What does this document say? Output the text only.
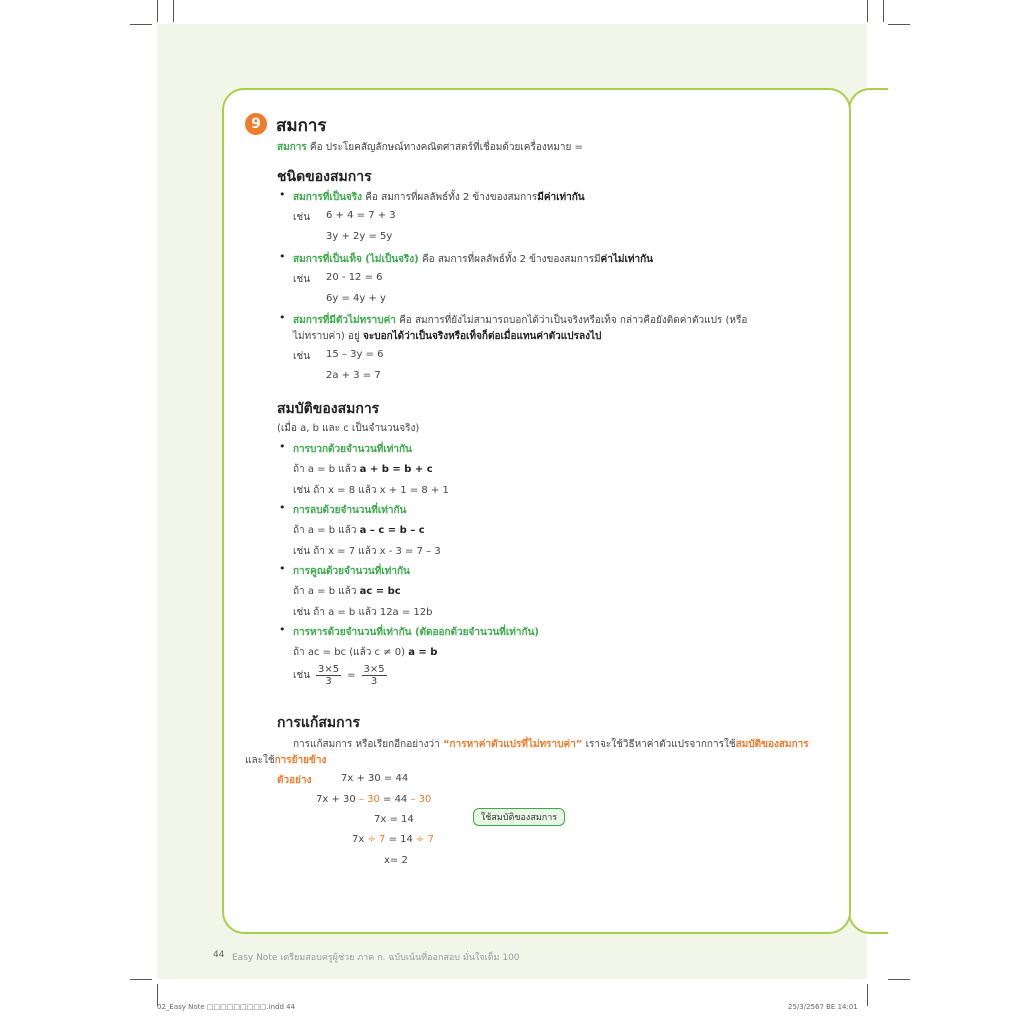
9 สมการ
สมการ คือ ประโยคสัญลักษณ์ทางคณิตศาสตร์ที่เชื่อมด้วยเครื่องหมาย =
ชนิดของสมการ
• สมการที่เป็นจริง คือ สมการที่ผลลัพธ์ทั้ง 2 ข้างของสมการมีค่าเท่ากัน
เช่น 6 + 4 = 7 + 3
3y + 2y = 5y
• สมการที่เป็นเท็จ (ไม่เป็นจริง) คือ สมการที่ผลลัพธ์ทั้ง 2 ข้างของสมการมีค่าไม่เท่ากัน
เช่น 20 - 12 = 6
6y = 4y + y
• สมการที่มีตัวไม่ทราบค่า คือ สมการที่ยังไม่สามารถบอกได้ว่าเป็นจริงหรือเท็จ กล่าวคือยังติดค่าตัวแปร (หรือ
ไม่ทราบค่า) อยู่ จะบอกได้ว่าเป็นจริงหรือเท็จก็ต่อเมื่อแทนค่าตัวแปรลงไป
เช่น 15 – 3y = 6
2a + 3 = 7
สมบัติของสมการ
(เมื่อ a, b และ c เป็นจำนวนจริง)
• การบวกด้วยจำนวนที่เท่ากัน
ถ้า a = b แล้ว a + b = b + c
เช่น ถ้า x = 8 แล้ว x + 1 = 8 + 1
• การลบด้วยจำนวนที่เท่ากัน
ถ้า a = b แล้ว a – c = b – c
เช่น ถ้า x = 7 แล้ว x - 3 = 7 – 3
• การคูณด้วยจำนวนที่เท่ากัน
ถ้า a = b แล้ว ac = bc
เช่น ถ้า a = b แล้ว 12a = 12b
• การหารด้วยจำนวนที่เท่ากัน (ตัดออกด้วยจำนวนที่เท่ากัน)
ถ้า ac = bc (แล้ว c ≠ 0) a = b
เช่น $\frac{3\times 5}{3} = \frac{3\times 5}{3}$
การแก้สมการ
การแก้สมการ หรือเรียกอีกอย่างว่า “การหาค่าตัวแปรที่ไม่ทราบค่า” เราจะใช้วิธีหาค่าตัวแปรจากการใช้สมบัติของสมการ
และใช้การย้ายข้าง
ตัวอย่าง	7x + 30 = 44
7x + 30 – 30 = 44 – 30
7x = 14
7x ÷ 7 = 14 ÷ 7
x= 2
ใช้สมบัติของสมการ
44 Easy Note เตรียมสอบครูผู้ช่วย ภาค ก. ฉบับเน้นที่ออกสอบ มั่นใจเต็ม 100
02_Easy Note □□□□□□□□□.indd 44	25/3/2567 BE 14:01
